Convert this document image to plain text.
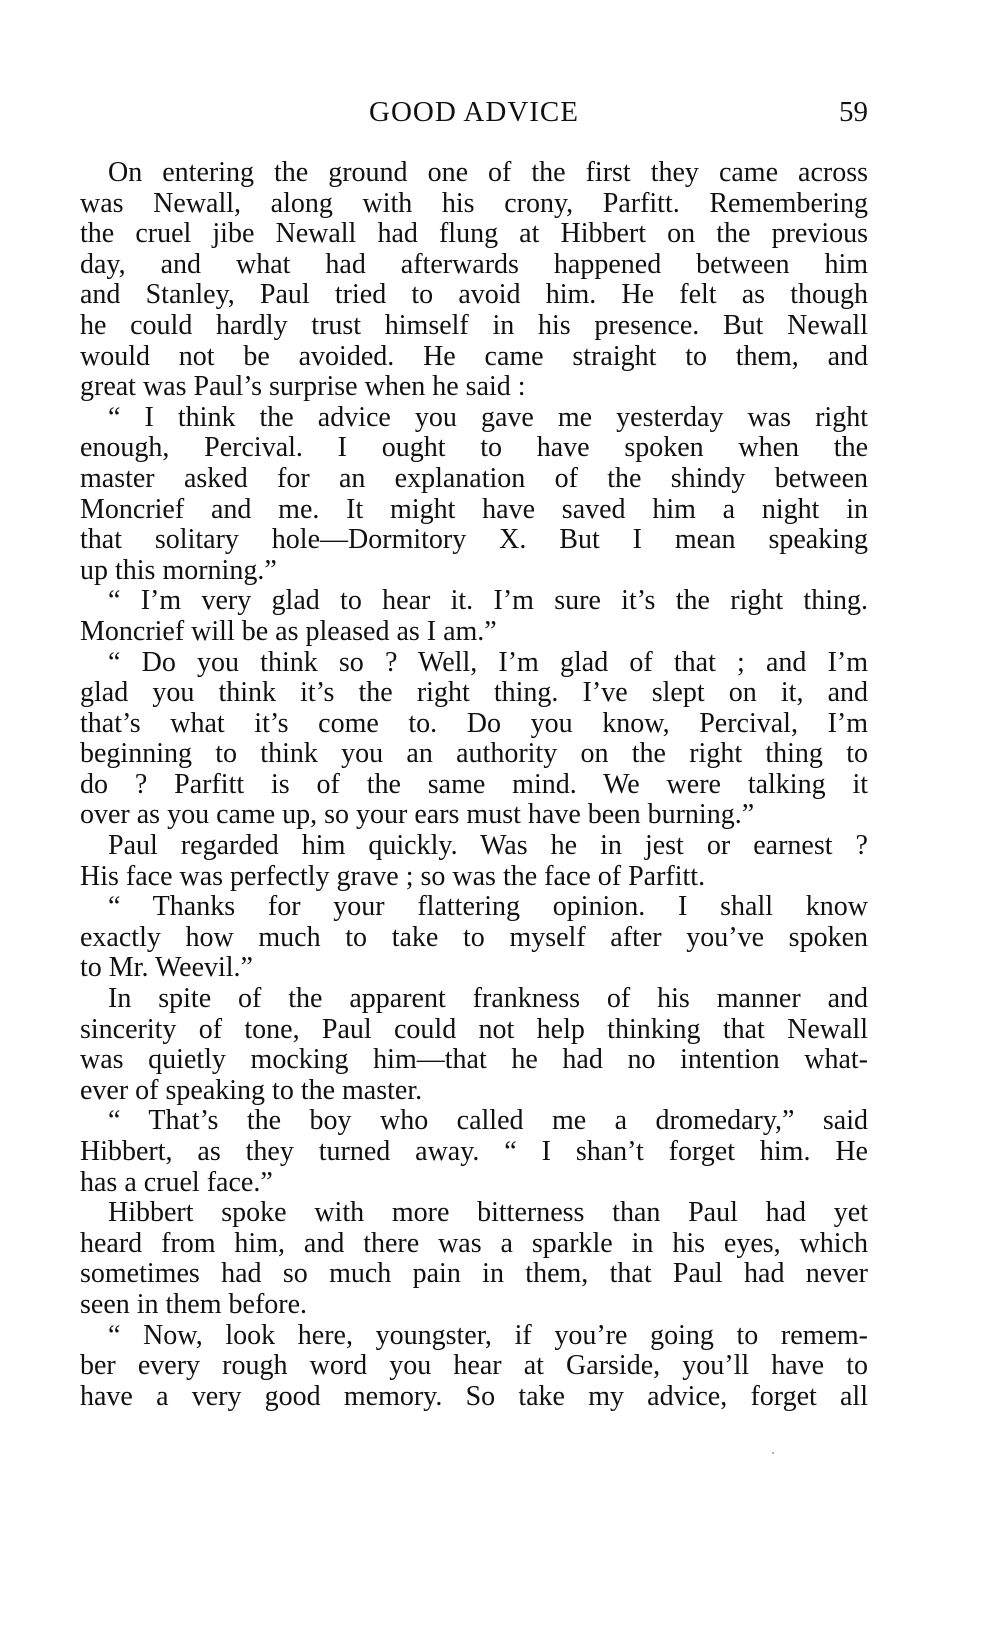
GOOD ADVICE	59
On entering the ground one of the first they came across
was Newall, along with his crony, Parfitt. Remembering
the cruel jibe Newall had flung at Hibbert on the previous
day, and what had afterwards happened between him
and Stanley, Paul tried to avoid him. He felt as though
he could hardly trust himself in his presence. But Newall
would not be avoided. He came straight to them, and
great was Paul’s surprise when he said :
“ I think the advice you gave me yesterday was right
enough, Percival. I ought to have spoken when the
master asked for an explanation of the shindy between
Moncrief and me. It might have saved him a night in
that solitary hole—Dormitory X. But I mean speaking
up this morning.”
“ I’m very glad to hear it. I’m sure it’s the right thing.
Moncrief will be as pleased as I am.”
“ Do you think so ? Well, I’m glad of that ; and I’m
glad you think it’s the right thing. I’ve slept on it, and
that’s what it’s come to. Do you know, Percival, I’m
beginning to think you an authority on the right thing to
do ? Parfitt is of the same mind. We were talking it
over as you came up, so your ears must have been burning.”
Paul regarded him quickly. Was he in jest or earnest ?
His face was perfectly grave ; so was the face of Parfitt.
“ Thanks for your flattering opinion. I shall know
exactly how much to take to myself after you’ve spoken
to Mr. Weevil.”
In spite of the apparent frankness of his manner and
sincerity of tone, Paul could not help thinking that Newall
was quietly mocking him—that he had no intention what-
ever of speaking to the master.
“ That’s the boy who called me a dromedary,” said
Hibbert, as they turned away. “ I shan’t forget him. He
has a cruel face.”
Hibbert spoke with more bitterness than Paul had yet
heard from him, and there was a sparkle in his eyes, which
sometimes had so much pain in them, that Paul had never
seen in them before.
“ Now, look here, youngster, if you’re going to remem-
ber every rough word you hear at Garside, you’ll have to
have a very good memory. So take my advice, forget all
